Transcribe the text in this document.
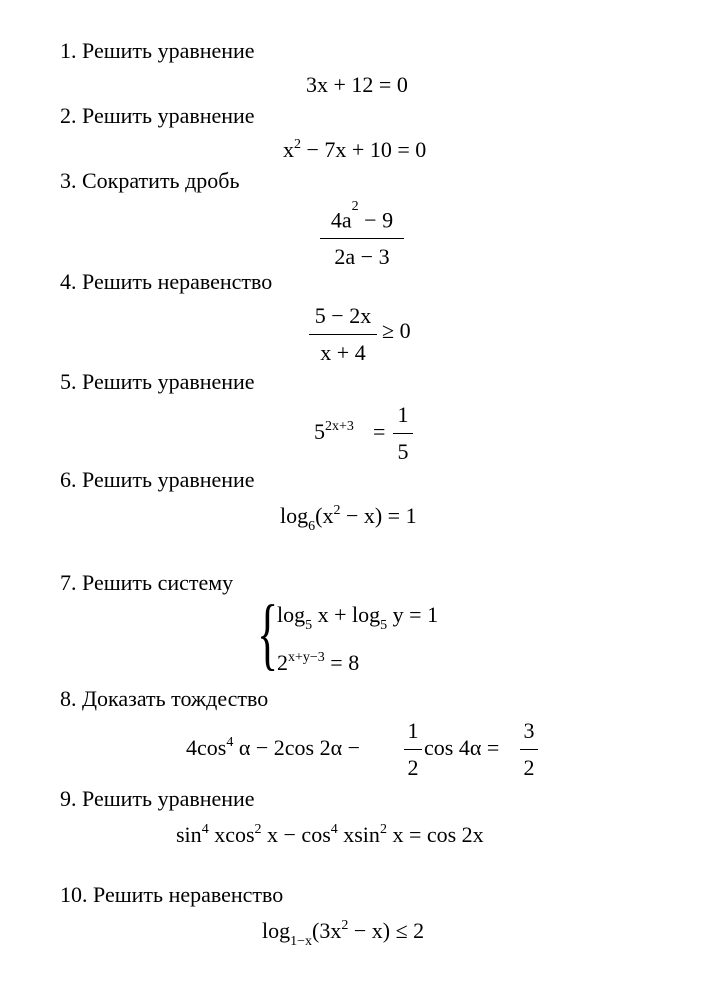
1. Решить уравнение
3x + 12 = 0
2. Решить уравнение
$x^2 - 7x + 10 = 0$
3. Сократить дробь
$4a^2 - 9$
2a − 3
4. Решить неравенство
5 − 2x
x + 4
≥ 0
5. Решить уравнение
$5^{2x+3}$ =
1
5
6. Решить уравнение
$\log_6(x^2 - x) = 1$
7. Решить систему
{
$\log_5 x + \log_5 y = 1$
$2^{x+y-3} = 8$
8. Доказать тождество
$4\cos^4$ α − 2cos 2α −
1
2
cos 4α =
3
2
9. Решить уравнение
$\sin^4 xcos^2$ $x - \cos^4 xsin^2$ x = cos 2x
10. Решить неравенство
$\log_{1-x}(3x^2 - x) \le 2$
